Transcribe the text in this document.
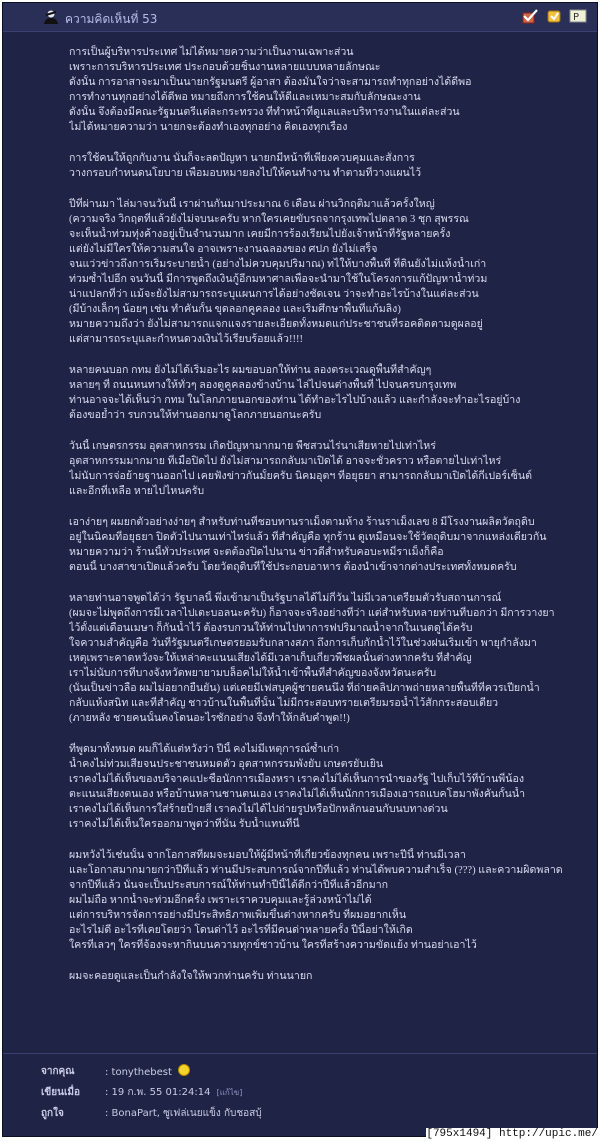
ความคิดเห็นที่ 53	P
การเป็นผู้บริหารประเทศ ไม่ได้หมายความว่าเป็นงานเฉพาะส่วน
เพราะการบริหารประเทศ ประกอบด้วยชิ้นงานหลายแบบหลายลักษณะ
ดังนั้น การอาสาจะมาเป็นนายกรัฐมนตรี ผู้อาสา ต้องมั่นใจว่าจะสามารถทำทุกอย่างได้ดีพอ
การทำงานทุกอย่างได้ดีพอ หมายถึงการใช้คนให้ดีและเหมาะสมกับลักษณะงาน
ดังนั้น จึงต้องมีคณะรัฐมนตรีแต่ละกระทรวง ที่ทำหน้าที่ดูแลและบริหารงานในแต่ละส่วน
ไม่ได้หมายความว่า นายกจะต้องทำเองทุกอย่าง คิดเองทุกเรื่อง
การใช้คนให้ถูกกับงาน นั่นก็จะลดปัญหา นายกมีหน้าที่เพียงควบคุมและสั่งการ
วางกรอบกำหนดนโยบาย เพื่อมอบหมายลงไปให้คนทำงาน ทำตามที่วางแผนไว้
ปีที่ผ่านมา ไล่มาจนวันนี้ เราผ่านกันมาประมาณ 6 เดือน ผ่านวิกฤติมาแล้วครั้งใหญ่
(ความจริง วิกฤตที่แล้วยังไม่จบนะครับ หากใครเคยขับรถจากรุงเทพไปตลาด 3 ชุก สุพรรณ
จะเห็นน้ำท่วมทุ่งค้างอยู่เป็นจำนวนมาก เคยมีการร้องเรียนไปยังเจ้าหน้าที่รัฐหลายครั้ง
แต่ยังไม่มีใครให้ความสนใจ อาจเพราะงานฉลองของ ศปภ ยังไม่เสร็จ
จนแว่วข่าวถึงการเริ่มระบายน้ำ (อย่างไม่ควบคุมปริมาณ) ทไให้บางพื้นที่ ที่ดินยังไม่แห้งน้ำเก่า
ท่วมซ้ำไปอีก จนวันนี้ มีการพูดถึงเงินกู้อีกมหาศาลเพื่อจะนำมาใช้ในโครงการแก้ปัญหาน้ำท่วม
น่าแปลกที่ว่า แม้จะยังไม่สามารถระบุแผนการได้อย่างชัดเจน ว่าจะทำอะไรบ้างในแต่ละส่วน
(มีบ้างเล็กๆ น้อยๆ เช่น ทำคันกั้น ขุดลอกคูคลอง และเริ่มศึกษาพื้นที่แก้มลิง)
หมายความถึงว่า ยังไม่สามารถแจกแจงรายละเอียดทั้งหมดแก่ประชาชนที่รอคติดตามดูผลอยู่
แต่สามารถระบุและกำหนดวงเงินไว้เรียบร้อยแล้ว!!!!
หลายคนบอก กทม ยังไม่ได้เริ่มอะไร ผมขอบอกให้ท่าน ลองตระเวณดูพื้นที่สำคัญๆ
หลายๆ ที่ ถนนหนทางให้ทั่วๆ ลองดูคูคลองข้างบ้าน ไล่ไปจนต่างพื้นที่ ไปจนครบกรุงเทพ
ท่านอาจจะได้เห็นว่า กทม ในโลกภายนอกของท่าน ได้ทำอะไรไปบ้างแล้ว และกำลังจะทำอะไรอยู่บ้าง
ต้องขอย้ำว่า รบกวนให้ท่านออกมาดูโลกภายนอกนะครับ
วันนี้ เกษตรกรรม อุตสาหกรรม เกิดปัญหามากมาย พืชสวนไร่นาเสียหายไปเท่าไหร่
อุตสาหกรรมมากมาย ที่เมื่อปิดไป ยังไม่สามารถกลับมาเปิดได้ อาจจะชั่วคราว หรือตายไปเท่าไหร่
ไม่นับการจ่อย้ายฐานออกไป เคยฟังข่าวกันมั้ยครับ นิคมอุตฯ ที่อยุธยา สามารถกลับมาเปิดได้กี่เปอร์เซ็นต์
และอีกที่เหลือ หายไปไหนครับ
เอาง่ายๆ ผมยกตัวอย่างง่ายๆ สำหรับท่านที่ชอบทานราเม็งตามห้าง ร้านราเม็งเลข 8 มีโรงงานผลิตวัตถุดิบ
อยู่ในนิคมที่อยุธยา ปิดตัวไปนานเท่าไหร่แล้ว ที่สำคัญคือ ทุกร้าน ดูเหมือนจะใช้วัตถุดิบมาจากแหล่งเดียวกัน
หมายความว่า ร้านนี้ทั่วประเทศ จะตต้องปิดไปนาน ข่าวดีสำหรับคอบะหมี่ราเม็งก็คือ
ตอนนี้ บางสาขาเปิดแล้วครับ โดยวัตถุดิบที่ใช้ประกอบอาหาร ต้องนำเข้าจากต่างประเทศทั้งหมดครับ
หลายท่านอาจพูดได้ว่า รัฐบาลนี้ พึ่งเข้ามาเป็นรัฐบาลได้ไม่กี่วัน ไม่มีเวลาเตรียมตัวรับสถานการณ์
(ผมจะไม่พูดถึงการมีเวลาไปเตะบอลนะครับ) ก็อาจจะจริงอย่างที่ว่า แต่สำหรับหลายท่านที่บอกว่า มีการวางยา
ไว้ตั้งแต่เดือนเมษา ก็กันน้ำไว้ ต้องรบกวนให้ท่านไปหาการฟปริมาณน้ำจากในเนตดูได้ครับ
ใจความสำคัญคือ วันที่รัฐมนตรีเกษตรยอมรับกลางสภา ถึงการเก็บกักน้ำไว้ในช่วงฝนเริ่มเข้า พายุกำลังมา
เหตุเพราะคาดหวังจะให้เหล่าคะแนนเสียงได้มีเวลาเก็บเกี่ยวพืชผลนั้นต่างหากครับ ที่สำคัญ
เราไม่นับการที่บางจังหวัดพยายามบล็อคไม่ให้น้ำเข้าพื้นที่สำคัญของจังหวัดนะครับ
(นั่นเป็นข่าวลือ ผมไม่อยากยืนยัน) แต่เคยมีเฟสบุคผู้ชายคนนึง ที่ถ่ายคลิปภาพถ่ายหลายพื้นที่ที่ควรเปียกน้ำ
กลับแห้งสนิท และที่สำคัญ ชาวบ้านในพื้นที่นั้น ไม่มีกระสอบทรายเตรียมรอน้ำไว้สักกระสอบเดียว
(ภายหลัง ชายคนนั้นคงโดนอะไรซักอย่าง จึงทำให้กลับคำพูด!!)
ที่พูดมาทั้งหมด ผมก็ได้แต่หวังว่า ปีนี้ คงไม่มีเหตุการณ์ซ้ำเก่า
น้ำคงไม่ท่วมเสียจนประชาชนหมดตัว อุตสาหกรรมพังยับ เกษตรยับเยิน
เราคงไม่ได้เห็นของบริจาคแปะชื่อนักการเมืองหรา เราคงไม่ได้เห็นการนำของรัฐ ไปเก็บไว้ที่บ้านพี่น้อง
ตะแนนเสียงตนเอง หรือบ้านหลานชานตนเอง เราคงไม่ได้เห็นนักการเมืองเอารถแบคโฮมาพังคันกั้นน้ำ
เราคงไม่ได้เห็นการใส่ร้ายป้ายสี เราคงไม่ได้ไปถ่ายรูปหรือปักหลักนอนกับนบทางด่วน
เราคงไม่ได้เห็นใครออกมาพูดว่าที่นั่น รับน้ำแทนที่นี่
ผมหวังไว้เช่นนั้น จากโอกาสที่ผมจะมอบให้ผู้มีหน้าที่เกี่ยวข้องทุกคน เพราะปีนี้ ท่านมีเวลา
และโอกาสมากมายกว่าปีที่แล้ว ท่านมีประสบการณ์จากปีที่แล้ว ท่านได้พบความสำเร็จ (???) และความผิดพลาด
จากปีที่แล้ว นั่นจะเป็นประสบการณ์ให้ท่านทำปีนี้ได้ดีกว่าปีที่แล้วอีกมาก
ผมไม่ถือ หากน้ำจะท่วมอีกครั้ง เพราะเราควบคุมและรู้ล่วงหน้าไม่ได้
แต่การบริหารจัดการอย่างมีประสิทธิภาพเพิ่มขึ้นต่างหากครับ ที่ผมอยากเห็น
อะไรไม่ดี อะไรที่เคยโดยว่า โดนด่าไว้ อะไรที่มีคนด่าหลายครั้ง ปีนี้อย่าให้เกิด
ใครที่เลวๆ ใครที่จ้องจะหากินบนความทุกข์ชาวบ้าน ใครที่สร้างความขัดแย้ง ท่านอย่าเอาไว้
ผมจะคอยดูและเป็นกำลังใจให้พวกท่านครับ ท่านนายก
จากคุณ	: tonythebest
เขียนเมื่อ	: 19 ก.พ. 55 01:24:14 [แก้ไข]
ถูกใจ	: BonaPart, ซูเฟล่เนยแข็ง กับชอสบุ้
[795x1494] http://upic.me/
